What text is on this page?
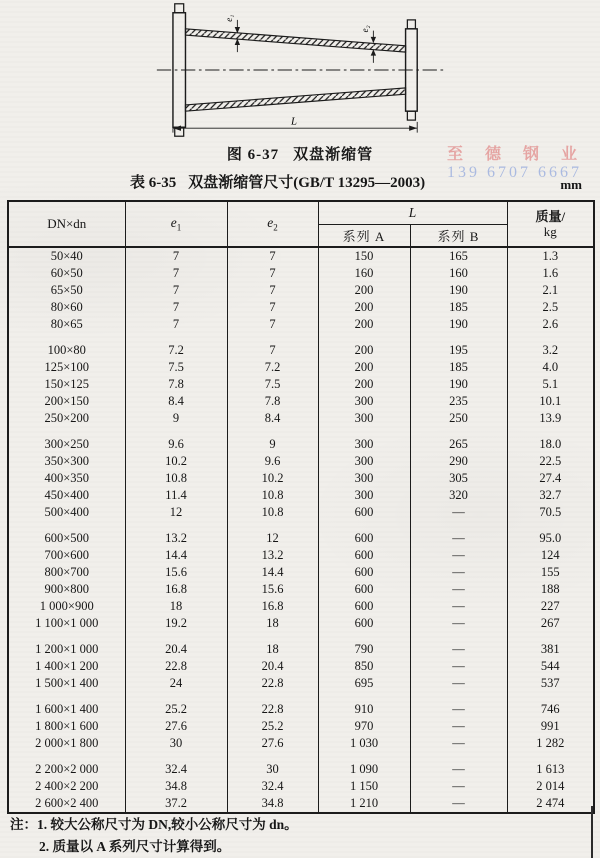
e₁
e₂
L
图 6-37 双盘渐缩管
表 6-35 双盘渐缩管尺寸(GB/T 13295—2003)	mm
至 德 钢 业
139 6707 6667
DN×dn	$e_1$	$e_2$	L		质量/
kg

			系列 A	系列 B	
50×40	7	7	150	165	1.3
60×50	7	7	160	160	1.6
65×50	7	7	200	190	2.1
80×60	7	7	200	185	2.5
80×65	7	7	200	190	2.6
100×80	7.2	7	200	195	3.2
125×100	7.5	7.2	200	185	4.0
150×125	7.8	7.5	200	190	5.1
200×150	8.4	7.8	300	235	10.1
250×200	9	8.4	300	250	13.9
300×250	9.6	9	300	265	18.0
350×300	10.2	9.6	300	290	22.5
400×350	10.8	10.2	300	305	27.4
450×400	11.4	10.8	300	320	32.7
500×400	12	10.8	600	—	70.5
600×500	13.2	12	600	—	95.0
700×600	14.4	13.2	600	—	124
800×700	15.6	14.4	600	—	155
900×800	16.8	15.6	600	—	188
1 000×900	18	16.8	600	—	227
1 100×1 000	19.2	18	600	—	267
1 200×1 000	20.4	18	790	—	381
1 400×1 200	22.8	20.4	850	—	544
1 500×1 400	24	22.8	695	—	537
1 600×1 400	25.2	22.8	910	—	746
1 800×1 600	27.6	25.2	970	—	991
2 000×1 800	30	27.6	1 030	—	1 282
2 200×2 000	32.4	30	1 090	—	1 613
2 400×2 200	34.8	32.4	1 150	—	2 014
2 600×2 400	37.2	34.8	1 210	—	2 474
注：1. 较大公称尺寸为 DN,较小公称尺寸为 dn。
2. 质量以 A 系列尺寸计算得到。
